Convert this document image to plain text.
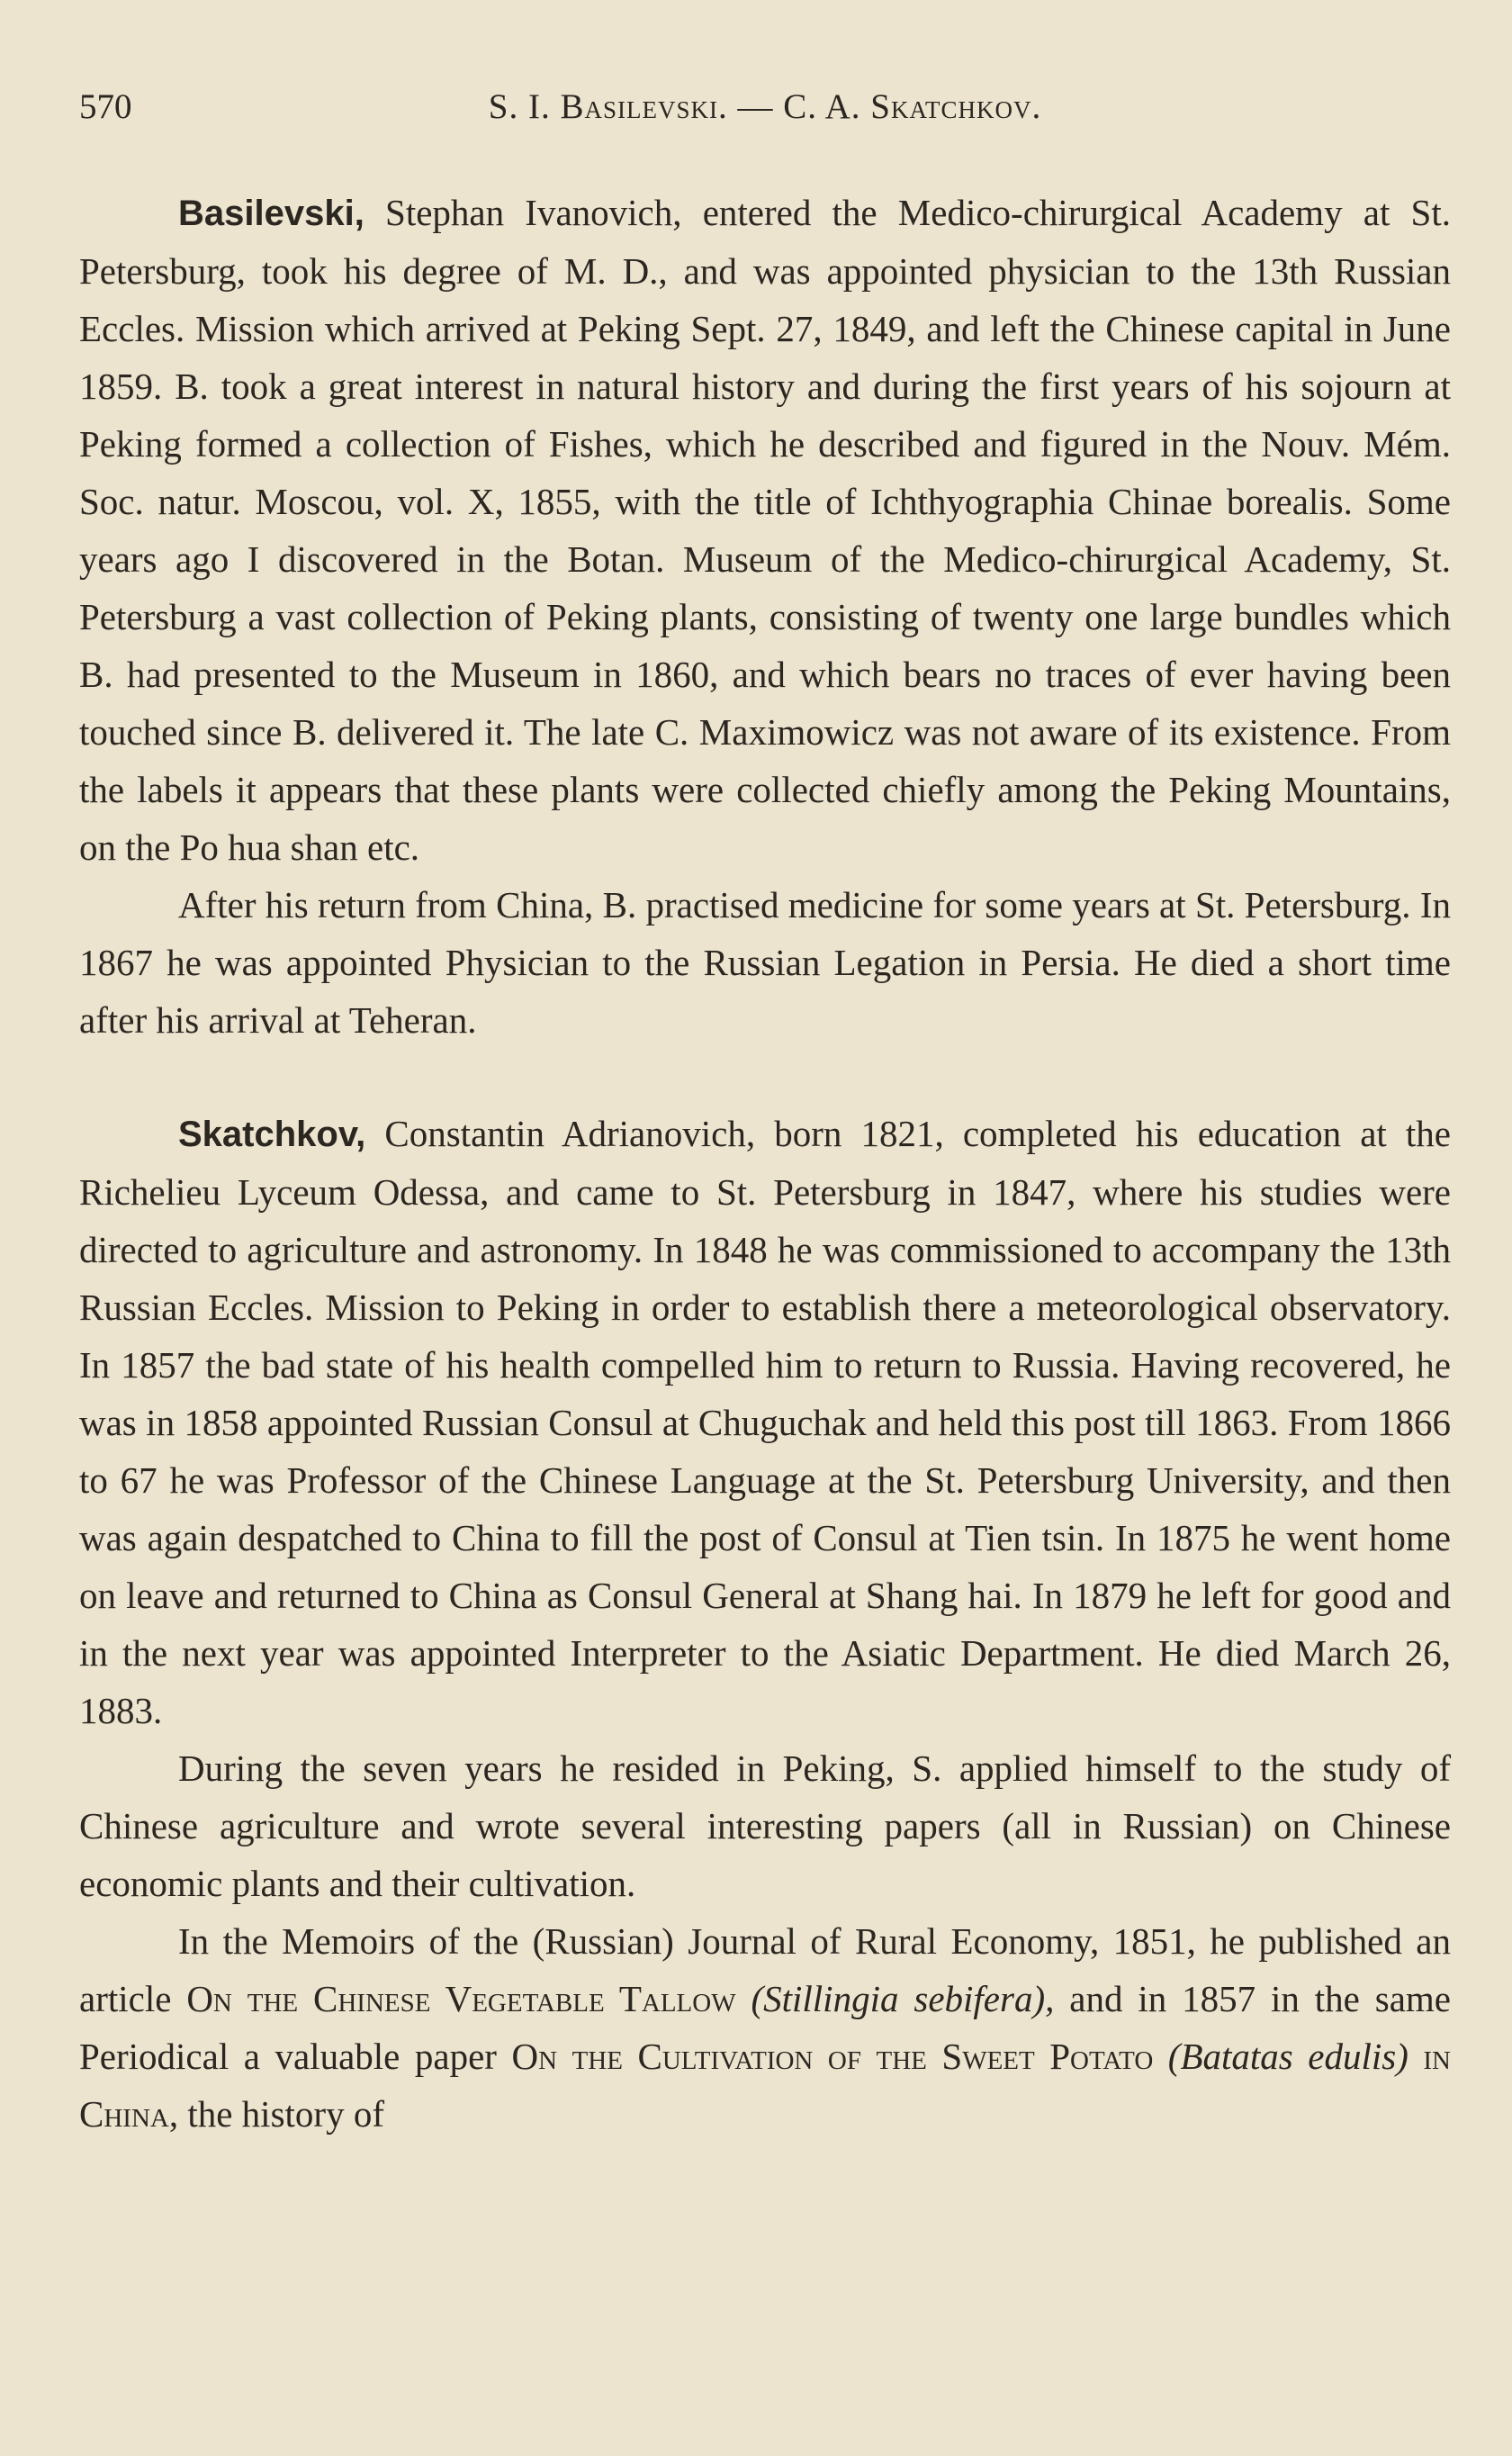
570	S. I. Basilevski. — C. A. Skatchkov.

Basilevski, Stephan Ivanovich, entered the Medico-chirurgical Academy at St. Petersburg, took his degree of M. D., and was appointed physician to the 13th Russian Eccles. Mission which arrived at Peking Sept. 27, 1849, and left the Chinese capital in June 1859. B. took a great interest in natural history and during the first years of his sojourn at Peking formed a collection of Fishes, which he described and figured in the Nouv. Mém. Soc. natur. Moscou, vol. X, 1855, with the title of Ichthyographia Chinae borealis. Some years ago I discovered in the Botan. Museum of the Medico-chirurgical Academy, St. Petersburg a vast collection of Peking plants, consisting of twenty one large bundles which B. had presented to the Museum in 1860, and which bears no traces of ever having been touched since B. delivered it. The late C. Maximowicz was not aware of its existence. From the labels it appears that these plants were collected chiefly among the Peking Mountains, on the Po hua shan etc.

After his return from China, B. practised medicine for some years at St. Petersburg. In 1867 he was appointed Physician to the Russian Legation in Persia. He died a short time after his arrival at Teheran.

Skatchkov, Constantin Adrianovich, born 1821, completed his education at the Richelieu Lyceum Odessa, and came to St. Petersburg in 1847, where his studies were directed to agriculture and astronomy. In 1848 he was commissioned to accompany the 13th Russian Eccles. Mission to Peking in order to establish there a meteorological observatory. In 1857 the bad state of his health compelled him to return to Russia. Having recovered, he was in 1858 appointed Russian Consul at Chuguchak and held this post till 1863. From 1866 to 67 he was Professor of the Chinese Language at the St. Petersburg University, and then was again despatched to China to fill the post of Consul at Tien tsin. In 1875 he went home on leave and returned to China as Consul General at Shang hai. In 1879 he left for good and in the next year was appointed Interpreter to the Asiatic Department. He died March 26, 1883.

During the seven years he resided in Peking, S. applied himself to the study of Chinese agriculture and wrote several interesting papers (all in Russian) on Chinese economic plants and their cultivation.

In the Memoirs of the (Russian) Journal of Rural Economy, 1851, he published an article On the Chinese Vegetable Tallow (Stillingia sebifera), and in 1857 in the same Periodical a valuable paper On the Cultivation of the Sweet Potato (Batatas edulis) in China, the history of
